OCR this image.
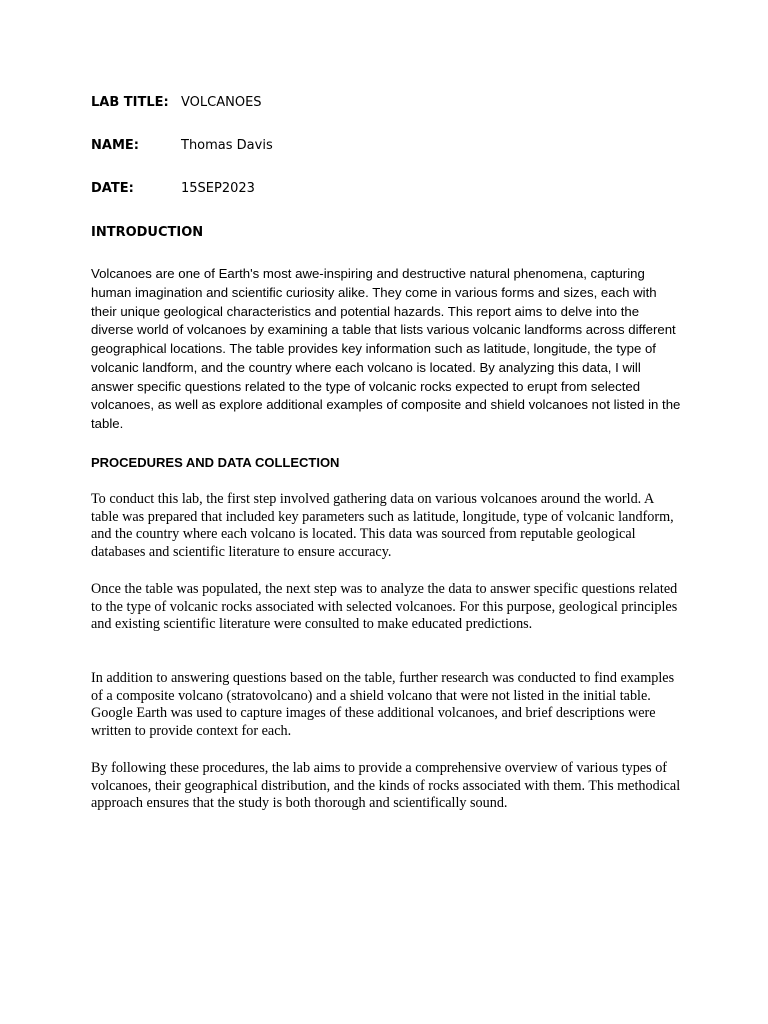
LAB TITLE: VOLCANOES
NAME:	Thomas Davis
DATE:	15SEP2023
INTRODUCTION

Volcanoes are one of Earth's most awe-inspiring and destructive natural phenomena, capturing human imagination and scientific curiosity alike. They come in various forms and sizes, each with their unique geological characteristics and potential hazards. This report aims to delve into the diverse world of volcanoes by examining a table that lists various volcanic landforms across different geographical locations. The table provides key information such as latitude, longitude, the type of volcanic landform, and the country where each volcano is located. By analyzing this data, I will answer specific questions related to the type of volcanic rocks expected to erupt from selected volcanoes, as well as explore additional examples of composite and shield volcanoes not listed in the table.

PROCEDURES AND DATA COLLECTION

To conduct this lab, the first step involved gathering data on various volcanoes around the world. A table was prepared that included key parameters such as latitude, longitude, type of volcanic landform, and the country where each volcano is located. This data was sourced from reputable geological databases and scientific literature to ensure accuracy.

Once the table was populated, the next step was to analyze the data to answer specific questions related to the type of volcanic rocks associated with selected volcanoes. For this purpose, geological principles and existing scientific literature were consulted to make educated predictions.

In addition to answering questions based on the table, further research was conducted to find examples of a composite volcano (stratovolcano) and a shield volcano that were not listed in the initial table. Google Earth was used to capture images of these additional volcanoes, and brief descriptions were written to provide context for each.

By following these procedures, the lab aims to provide a comprehensive overview of various types of volcanoes, their geographical distribution, and the kinds of rocks associated with them. This methodical approach ensures that the study is both thorough and scientifically sound.
